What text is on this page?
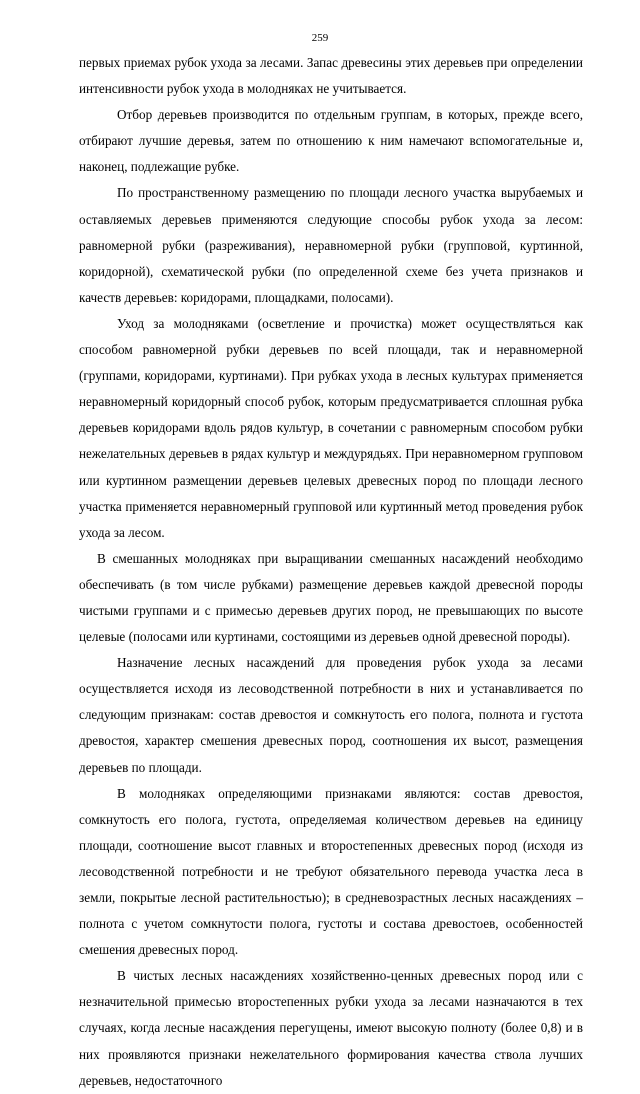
259

первых приемах рубок ухода за лесами. Запас древесины этих деревьев при определении интенсивности рубок ухода в молодняках не учитывается.

Отбор деревьев производится по отдельным группам, в которых, прежде всего, отбирают лучшие деревья, затем по отношению к ним намечают вспомогательные и, наконец, подлежащие рубке.

По пространственному размещению по площади лесного участка вырубаемых и оставляемых деревьев применяются следующие способы рубок ухода за лесом: равномерной рубки (разреживания), неравномерной рубки (групповой, куртинной, коридорной), схематической рубки (по определенной схеме без учета признаков и качеств деревьев: коридорами, площадками, полосами).

Уход за молодняками (осветление и прочистка) может осуществляться как способом равномерной рубки деревьев по всей площади, так и неравномерной (группами, коридорами, куртинами). При рубках ухода в лесных культурах применяется неравномерный коридорный способ рубок, которым предусматривается сплошная рубка деревьев коридорами вдоль рядов культур, в сочетании с равномерным способом рубки нежелательных деревьев в рядах культур и междурядьях. При неравномерном групповом или куртинном размещении деревьев целевых древесных пород по площади лесного участка применяется неравномерный групповой или куртинный метод проведения рубок ухода за лесом.

В смешанных молодняках при выращивании смешанных насаждений необходимо обеспечивать (в том числе рубками) размещение деревьев каждой древесной породы чистыми группами и с примесью деревьев других пород, не превышающих по высоте целевые (полосами или куртинами, состоящими из деревьев одной древесной породы).

Назначение лесных насаждений для проведения рубок ухода за лесами осуществляется исходя из лесоводственной потребности в них и устанавливается по следующим признакам: состав древостоя и сомкнутость его полога, полнота и густота древостоя, характер смешения древесных пород, соотношения их высот, размещения деревьев по площади.

В молодняках определяющими признаками являются: состав древостоя, сомкнутость его полога, густота, определяемая количеством деревьев на единицу площади, соотношение высот главных и второстепенных древесных пород (исходя из лесоводственной потребности и не требуют обязательного перевода участка леса в земли, покрытые лесной растительностью); в средневозрастных лесных насаждениях – полнота с учетом сомкнутости полога, густоты и состава древостоев, особенностей смешения древесных пород.

В чистых лесных насаждениях хозяйственно-ценных древесных пород или с незначительной примесью второстепенных рубки ухода за лесами назначаются в тех случаях, когда лесные насаждения перегущены, имеют высокую полноту (более 0,8) и в них проявляются признаки нежелательного формирования качества ствола лучших деревьев, недостаточного
